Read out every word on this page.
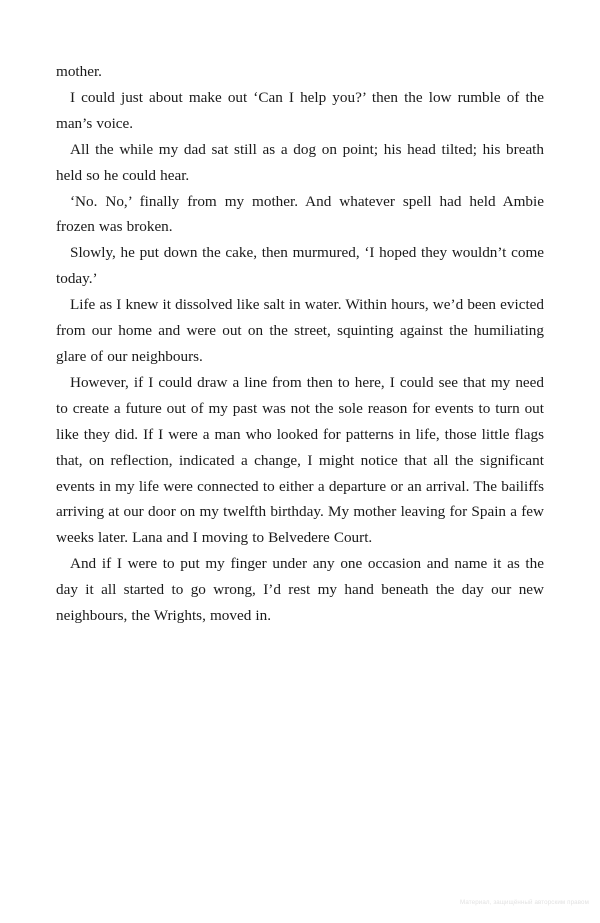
mother.

I could just about make out ‘Can I help you?’ then the low rumble of the man’s voice.

All the while my dad sat still as a dog on point; his head tilted; his breath held so he could hear.

‘No. No,’ finally from my mother. And whatever spell had held Ambie frozen was broken.

Slowly, he put down the cake, then murmured, ‘I hoped they wouldn’t come today.’

Life as I knew it dissolved like salt in water. Within hours, we’d been evicted from our home and were out on the street, squinting against the humiliating glare of our neighbours.

However, if I could draw a line from then to here, I could see that my need to create a future out of my past was not the sole reason for events to turn out like they did. If I were a man who looked for patterns in life, those little flags that, on reflection, indicated a change, I might notice that all the significant events in my life were connected to either a departure or an arrival. The bailiffs arriving at our door on my twelfth birthday. My mother leaving for Spain a few weeks later. Lana and I moving to Belvedere Court.

And if I were to put my finger under any one occasion and name it as the day it all started to go wrong, I’d rest my hand beneath the day our new neighbours, the Wrights, moved in.

Материал, защищённый авторским правом
